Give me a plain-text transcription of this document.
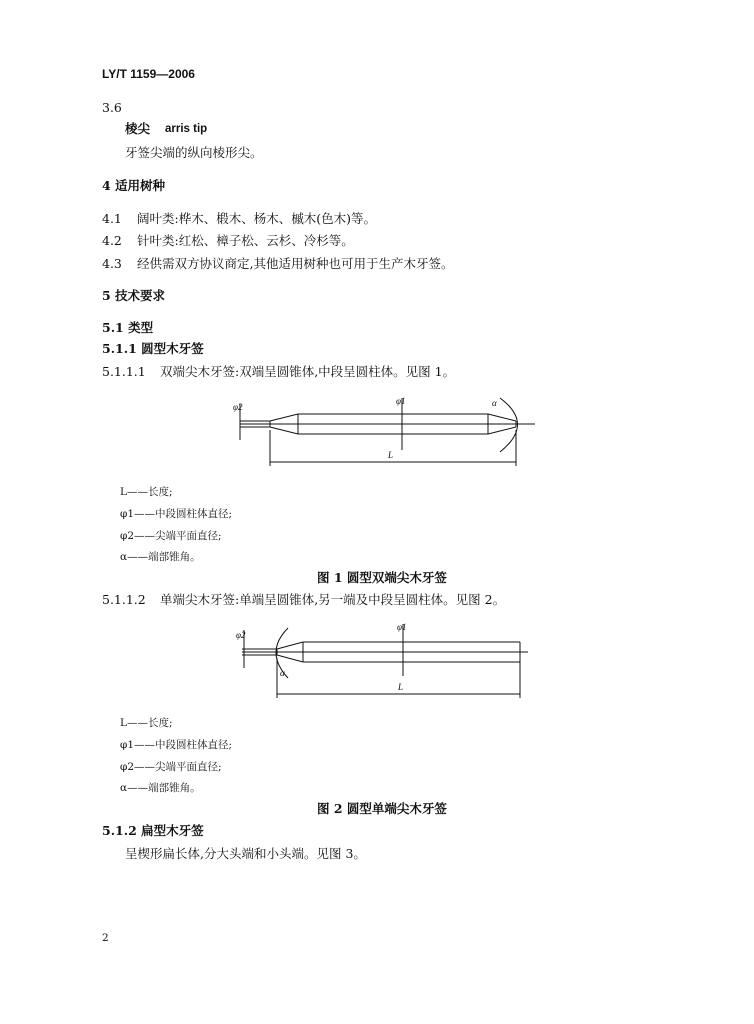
LY/T 1159—2006
3.6
棱尖 arris tip
牙签尖端的纵向棱形尖。
4 适用树种
4.1 阔叶类:桦木、椴木、杨木、槭木(色木)等。
4.2 针叶类:红松、樟子松、云杉、冷杉等。
4.3 经供需双方协议商定,其他适用树种也可用于生产木牙签。
5 技术要求
5.1 类型
5.1.1 圆型木牙签
5.1.1.1 双端尖木牙签:双端呈圆锥体,中段呈圆柱体。见图 1。
φ2
φ1
L
α
L——长度;
φ1——中段圆柱体直径;
φ2——尖端平面直径;
α——端部锥角。
图 1 圆型双端尖木牙签
5.1.1.2 单端尖木牙签:单端呈圆锥体,另一端及中段呈圆柱体。见图 2。
φ2
φ1
L
α
L——长度;
φ1——中段圆柱体直径;
φ2——尖端平面直径;
α——端部锥角。
图 2 圆型单端尖木牙签
5.1.2 扁型木牙签
呈楔形扁长体,分大头端和小头端。见图 3。
2
